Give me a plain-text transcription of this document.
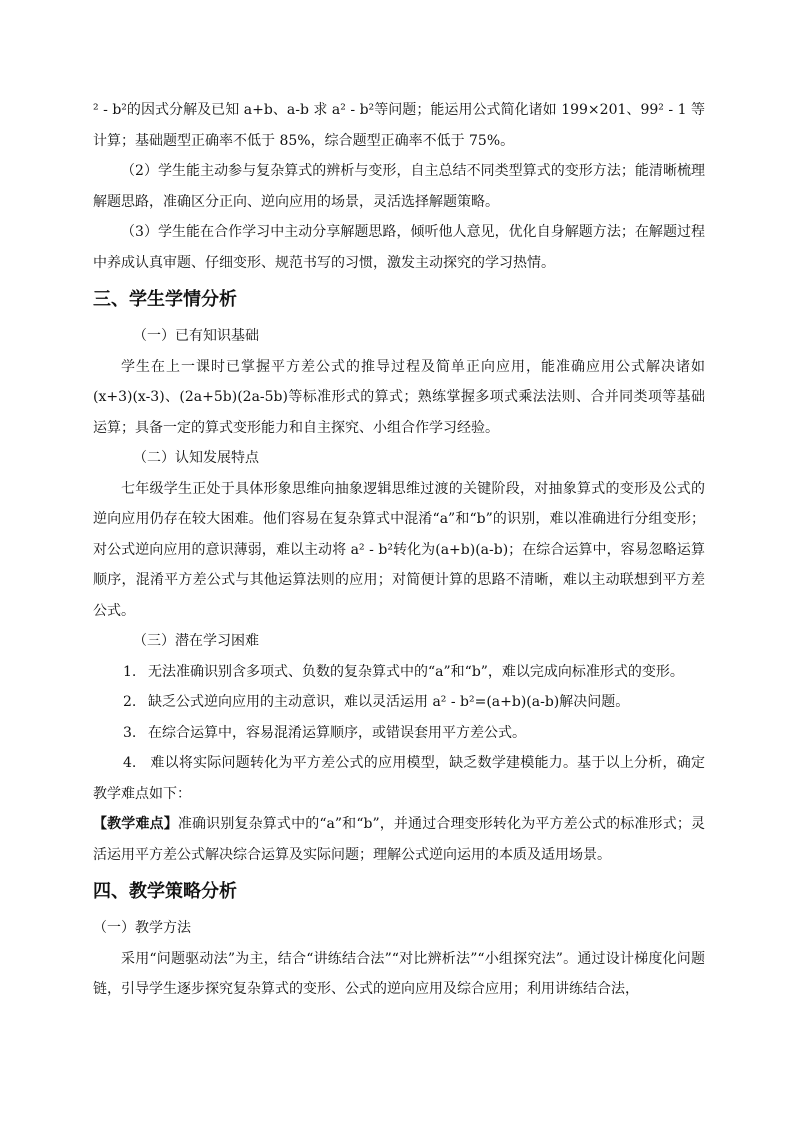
² - b²的因式分解及已知 a+b、a-b 求 a² - b²等问题；能运用公式简化诸如 199×201、99² - 1 等计算；基础题型正确率不低于 85%，综合题型正确率不低于 75%。

（2）学生能主动参与复杂算式的辨析与变形，自主总结不同类型算式的变形方法；能清晰梳理解题思路，准确区分正向、逆向应用的场景，灵活选择解题策略。

（3）学生能在合作学习中主动分享解题思路，倾听他人意见，优化自身解题方法；在解题过程中养成认真审题、仔细变形、规范书写的习惯，激发主动探究的学习热情。

三、学生学情分析

（一）已有知识基础

学生在上一课时已掌握平方差公式的推导过程及简单正向应用，能准确应用公式解决诸如(x+3)(x-3)、(2a+5b)(2a-5b)等标准形式的算式；熟练掌握多项式乘法法则、合并同类项等基础运算；具备一定的算式变形能力和自主探究、小组合作学习经验。

（二）认知发展特点

七年级学生正处于具体形象思维向抽象逻辑思维过渡的关键阶段，对抽象算式的变形及公式的逆向应用仍存在较大困难。他们容易在复杂算式中混淆“a”和“b”的识别，难以准确进行分组变形；对公式逆向应用的意识薄弱，难以主动将 a² - b²转化为(a+b)(a-b)；在综合运算中，容易忽略运算顺序，混淆平方差公式与其他运算法则的应用；对简便计算的思路不清晰，难以主动联想到平方差公式。

（三）潜在学习困难

1. 无法准确识别含多项式、负数的复杂算式中的“a”和“b”，难以完成向标准形式的变形。
2. 缺乏公式逆向应用的主动意识，难以灵活运用 a² - b²=(a+b)(a-b)解决问题。
3. 在综合运算中，容易混淆运算顺序，或错误套用平方差公式。

4. 难以将实际问题转化为平方差公式的应用模型，缺乏数学建模能力。基于以上分析，确定教学难点如下：

【教学难点】准确识别复杂算式中的“a”和“b”，并通过合理变形转化为平方差公式的标准形式；灵活运用平方差公式解决综合运算及实际问题；理解公式逆向运用的本质及适用场景。

四、教学策略分析

（一）教学方法

采用“问题驱动法”为主，结合“讲练结合法”“对比辨析法”“小组探究法”。通过设计梯度化问题链，引导学生逐步探究复杂算式的变形、公式的逆向应用及综合应用；利用讲练结合法，
